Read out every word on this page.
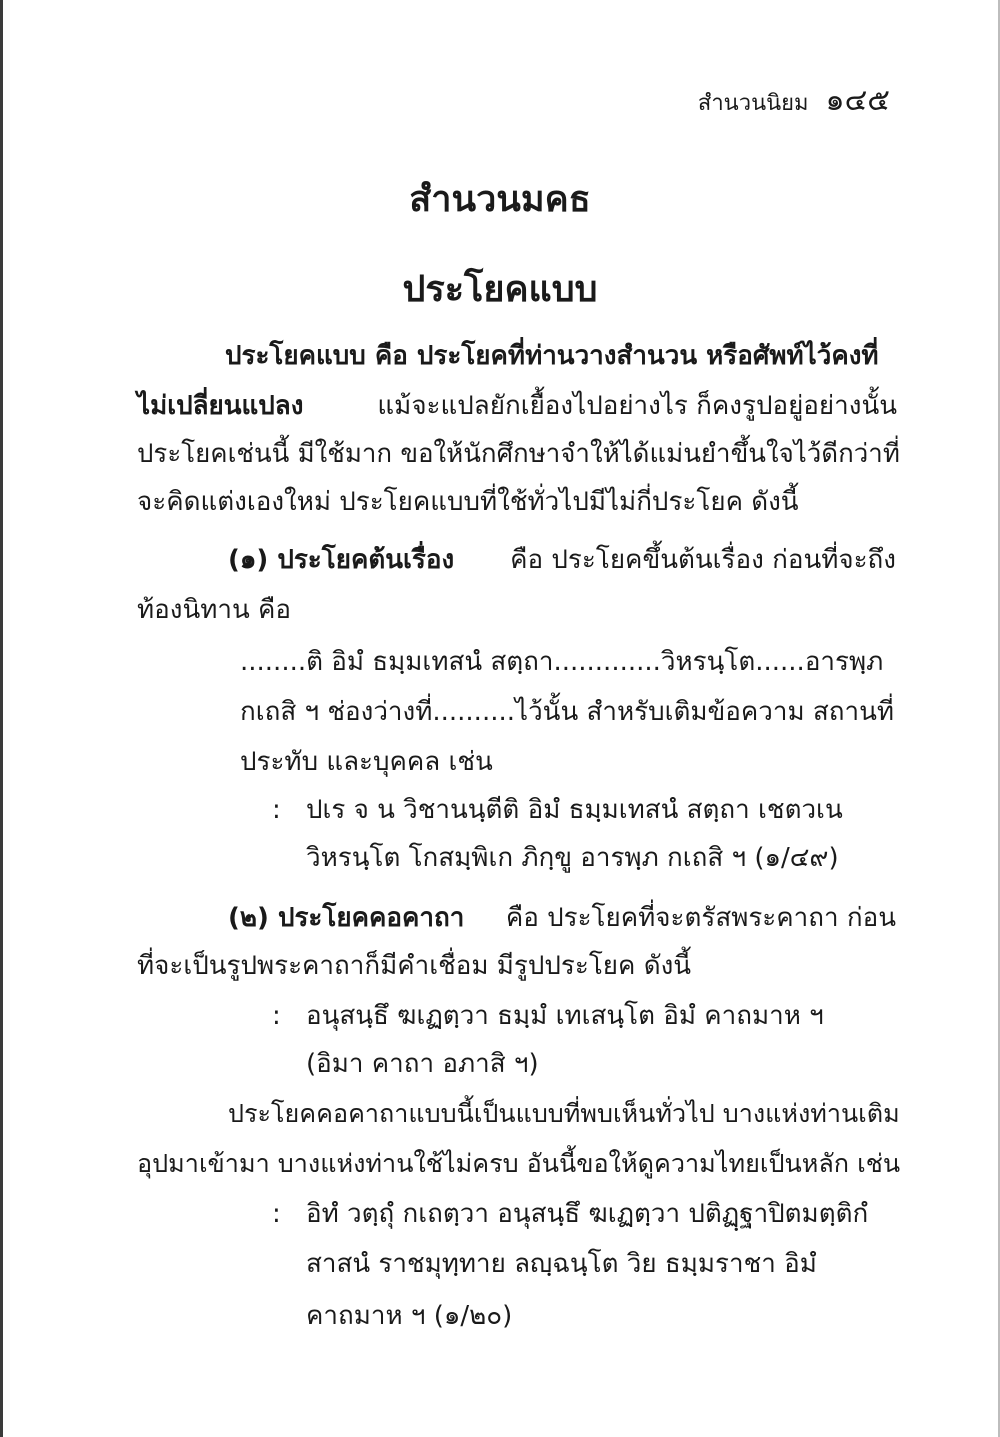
สำนวนนิยม ๑๔๕
สำนวนมคธ
ประโยคแบบ
ประโยคแบบ คือ ประโยคที่ท่านวางสำนวน หรือศัพท์ไว้คงที่
ไม่เปลี่ยนแปลง	แม้จะแปลยักเยื้องไปอย่างไร ก็คงรูปอยู่อย่างนั้น
ประโยคเช่นนี้ มีใช้มาก ขอให้นักศึกษาจำให้ได้แม่นยำขึ้นใจไว้ดีกว่าที่
จะคิดแต่งเองใหม่ ประโยคแบบที่ใช้ทั่วไปมีไม่กี่ประโยค ดังนี้
(๑) ประโยคต้นเรื่อง คือ ประโยคขึ้นต้นเรื่อง ก่อนที่จะถึง
ท้องนิทาน คือ
........ติ อิมํ ธมฺมเทสนํ สตฺถา.............วิหรนฺโต......อารพฺภ
กเถสิ ฯ ช่องว่างที่..........ไว้นั้น สำหรับเติมข้อความ สถานที่
ประทับ และบุคคล เช่น
: ปเร จ น วิชานนฺตีติ อิมํ ธมฺมเทสนํ สตฺถา เชตวเน
วิหรนฺโต โกสมฺพิเก ภิกฺขู อารพฺภ กเถสิ ฯ (๑/๔๙)
(๒) ประโยคคอคาถา คือ ประโยคที่จะตรัสพระคาถา ก่อน
ที่จะเป็นรูปพระคาถาก็มีคำเชื่อม มีรูปประโยค ดังนี้
: อนุสนฺธึ ฆเฏตฺวา ธมฺมํ เทเสนฺโต อิมํ คาถมาห ฯ
(อิมา คาถา อภาสิ ฯ)
ประโยคคอคาถาแบบนี้เป็นแบบที่พบเห็นทั่วไป บางแห่งท่านเติม
อุปมาเข้ามา บางแห่งท่านใช้ไม่ครบ อันนี้ขอให้ดูความไทยเป็นหลัก เช่น
: อิทํ วตฺถุํ กเถตฺวา อนุสนฺธึ ฆเฏตฺวา ปติฏฺฐาปิตมตฺติกํ
สาสนํ ราชมุทฺทาย ลญฺฉนฺโต วิย ธมฺมราชา อิมํ
คาถมาห ฯ (๑/๒๐)
